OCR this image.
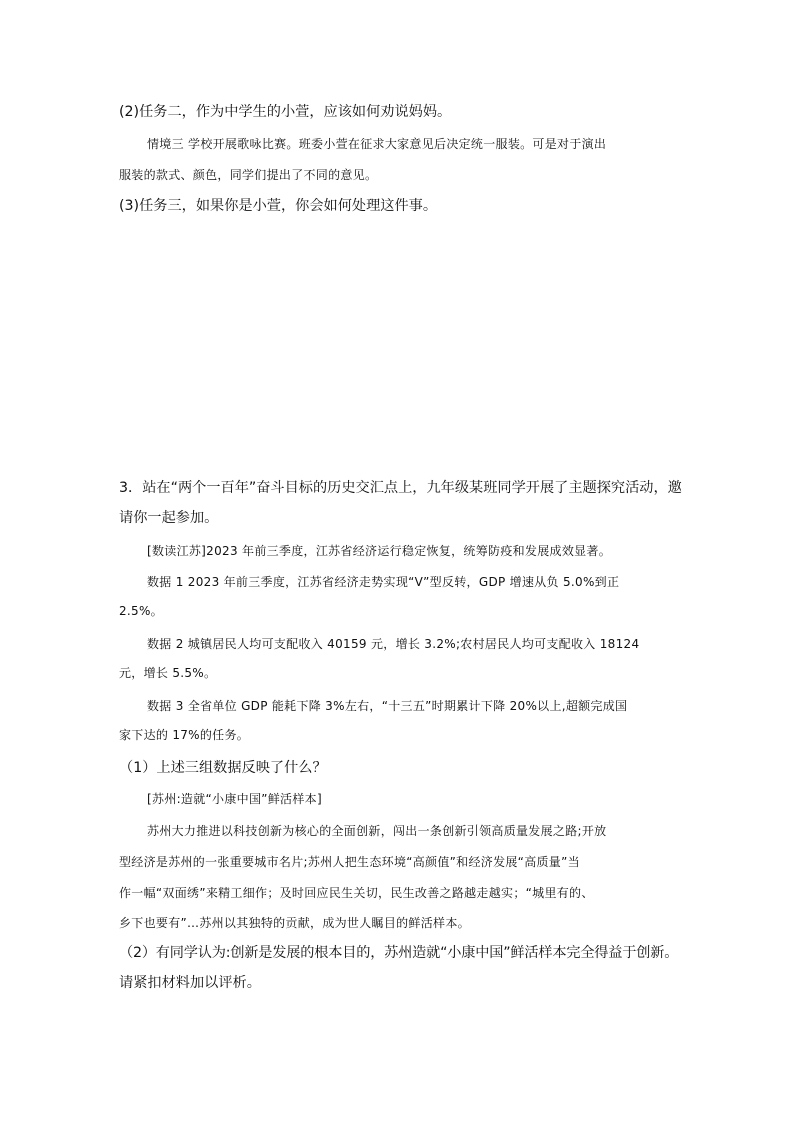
(2)任务二，作为中学生的小萱，应该如何劝说妈妈。
情境三 学校开展歌咏比赛。班委小萱在征求大家意见后决定统一服装。可是对于演出
服装的款式、颜色，同学们提出了不同的意见。
(3)任务三，如果你是小萱，你会如何处理这件事。
3．站在“两个一百年”奋斗目标的历史交汇点上，九年级某班同学开展了主题探究活动，邀
请你一起参加。
[数读江苏]2023 年前三季度，江苏省经济运行稳定恢复，统筹防疫和发展成效显著。
数据 1 2023 年前三季度，江苏省经济走势实现“V”型反转，GDP 增速从负 5.0%到正
2.5%。
数据 2 城镇居民人均可支配收入 40159 元，增长 3.2%;农村居民人均可支配收入 18124
元，增长 5.5%。
数据 3 全省单位 GDP 能耗下降 3%左右，“十三五”时期累计下降 20%以上,超额完成国
家下达的 17%的任务。
（1）上述三组数据反映了什么？
[苏州:造就“小康中国”鲜活样本]
苏州大力推进以科技创新为核心的全面创新，闯出一条创新引领高质量发展之路;开放
型经济是苏州的一张重要城市名片;苏州人把生态环境“高颜值”和经济发展“高质量”当
作一幅“双面绣”来精工细作；及时回应民生关切，民生改善之路越走越实；“城里有的、
乡下也要有”…苏州以其独特的贡献，成为世人瞩目的鲜活样本。
（2）有同学认为:创新是发展的根本目的，苏州造就“小康中国”鲜活样本完全得益于创新。
请紧扣材料加以评析。
